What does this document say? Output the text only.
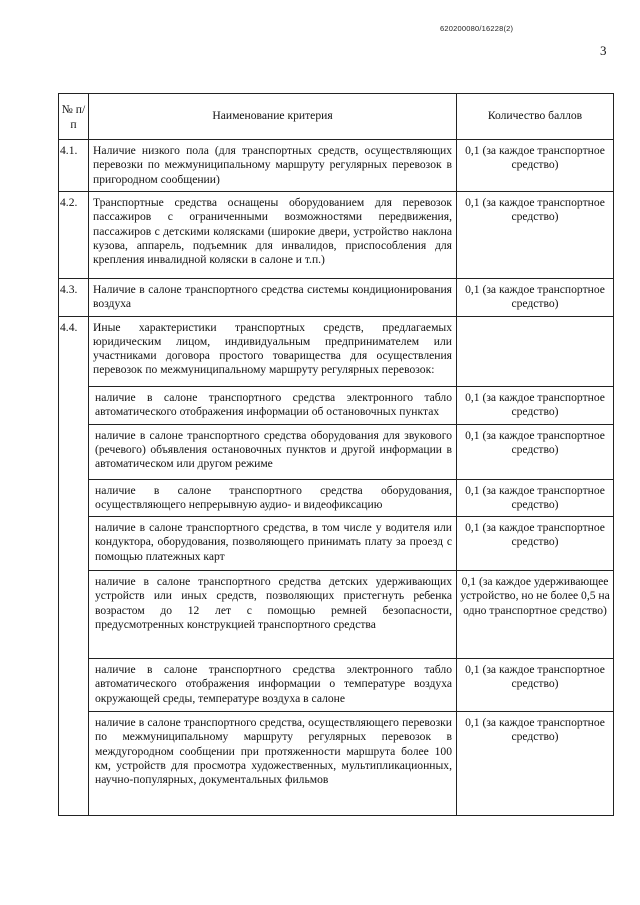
620200080/16228(2)
3
№ п/п	Наименование критерия	Количество баллов
4.1.	Наличие низкого пола (для транспортных средств, осуществляющих перевозки по межмуниципальному маршруту регулярных перевозок в пригородном сообщении)	0,1 (за каждое транспортное средство)
4.2.	Транспортные средства оснащены оборудованием для перевозок пассажиров с ограниченными возможностями передвижения, пассажиров с детскими колясками (широкие двери, устройство наклона кузова, аппарель, подъемник для инвалидов, приспособления для крепления инвалидной коляски в салоне и т.п.)	0,1 (за каждое транспортное средство)
4.3.	Наличие в салоне транспортного средства системы кондиционирования воздуха	0,1 (за каждое транспортное средство)
4.4.	Иные характеристики транспортных средств, предлагаемых юридическим лицом, индивидуальным предпринимателем или участниками договора простого товарищества для осуществления перевозок по межмуниципальному маршруту регулярных перевозок:	
	наличие в салоне транспортного средства электронного табло автоматического отображения информации об остановочных пунктах	0,1 (за каждое транспортное средство)
	наличие в салоне транспортного средства оборудования для звукового (речевого) объявления остановочных пунктов и другой информации в автоматическом или другом режиме	0,1 (за каждое транспортное средство)
	наличие в салоне транспортного средства оборудования, осуществляющего непрерывную аудио- и видеофиксацию	0,1 (за каждое транспортное средство)
	наличие в салоне транспортного средства, в том числе у водителя или кондуктора, оборудования, позволяющего принимать плату за проезд с помощью платежных карт	0,1 (за каждое транспортное средство)
	наличие в салоне транспортного средства детских удерживающих устройств или иных средств, позволяющих пристегнуть ребенка возрастом до 12 лет с помощью ремней безопасности, предусмотренных конструкцией транспортного средства	0,1 (за каждое удерживающее устройство, но не более 0,5 на одно транспортное средство)
	наличие в салоне транспортного средства электронного табло автоматического отображения информации о температуре воздуха окружающей среды, температуре воздуха в салоне	0,1 (за каждое транспортное средство)
	наличие в салоне транспортного средства, осуществляющего перевозки по межмуниципальному маршруту регулярных перевозок в междугородном сообщении при протяженности маршрута более 100 км, устройств для просмотра художественных, мультипликационных, научно-популярных, документальных фильмов	0,1 (за каждое транспортное средство)
